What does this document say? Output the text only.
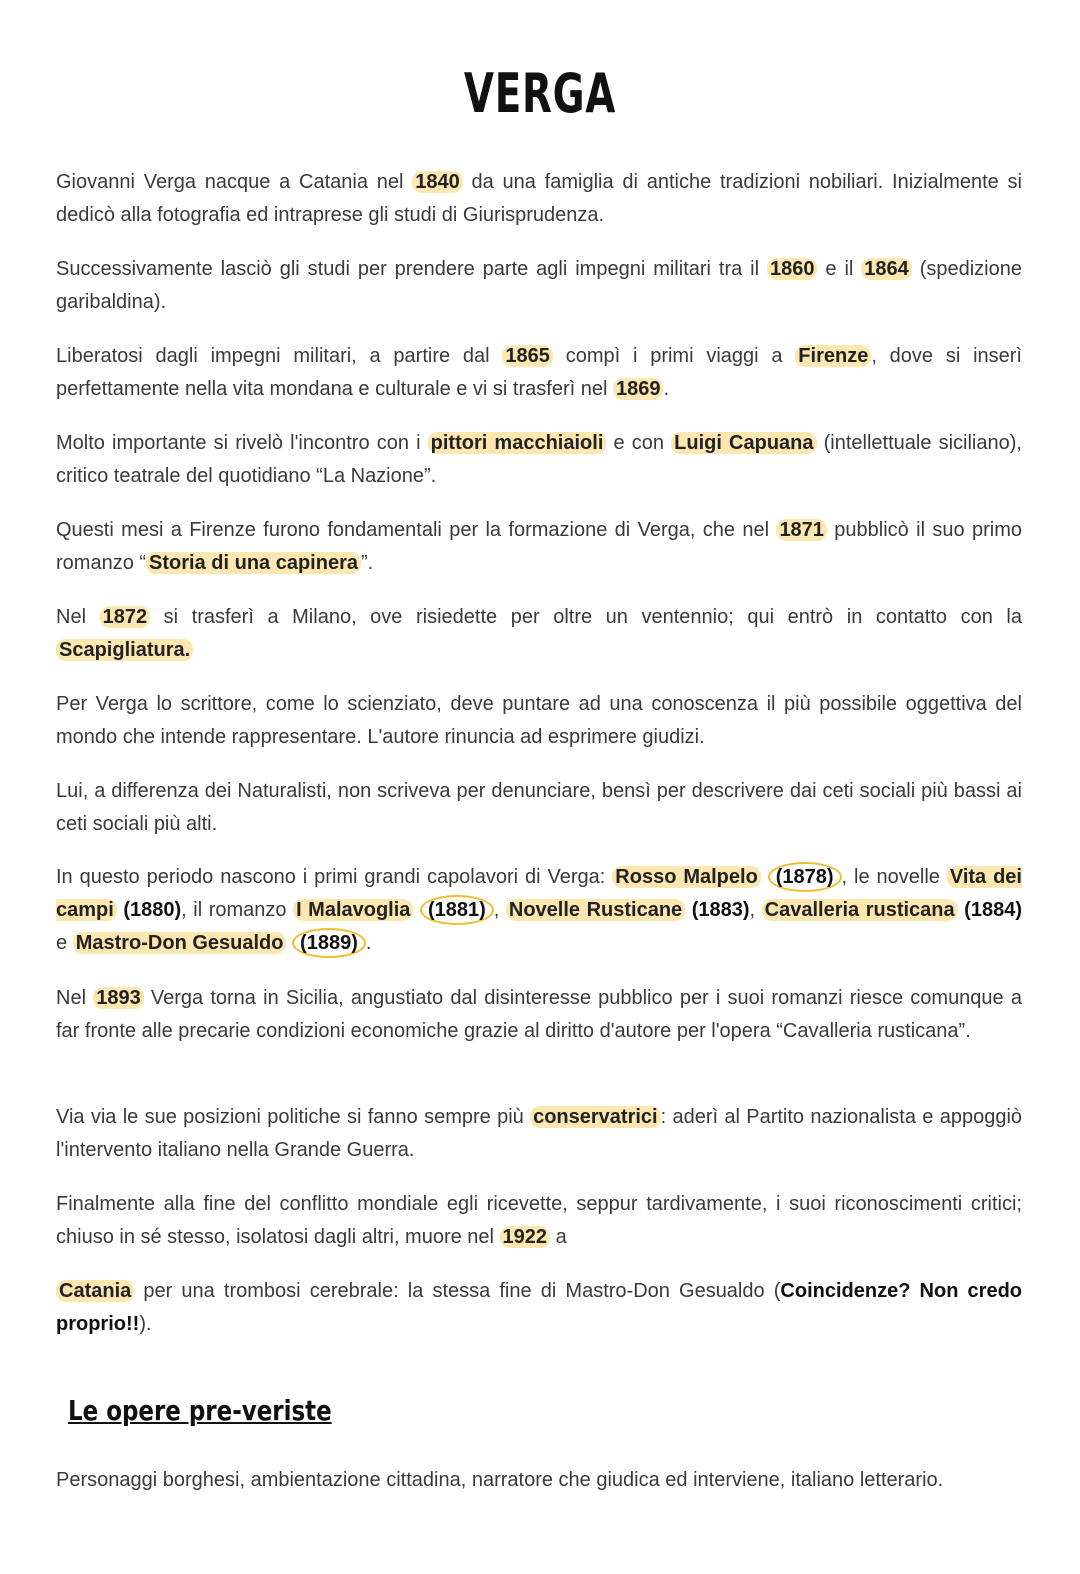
VERGA

Giovanni Verga nacque a Catania nel 1840 da una famiglia di antiche tradizioni nobiliari. Inizialmente si dedicò alla fotografia ed intraprese gli studi di Giurisprudenza.

Successivamente lasciò gli studi per prendere parte agli impegni militari tra il 1860 e il 1864 (spedizione garibaldina).

Liberatosi dagli impegni militari, a partire dal 1865 compì i primi viaggi a Firenze , dove si inserì perfettamente nella vita mondana e culturale e vi si trasferì nel 1869 .

Molto importante si rivelò l'incontro con i pittori macchiaioli e con Luigi Capuana (intellettuale siciliano), critico teatrale del quotidiano “La Nazione”.

Questi mesi a Firenze furono fondamentali per la formazione di Verga, che nel 1871 pubblicò il suo primo romanzo “ Storia di una capinera ”.

Nel 1872 si trasferì a Milano, ove risiedette per oltre un ventennio; qui entrò in contatto con la Scapigliatura.

Per Verga lo scrittore, come lo scienziato, deve puntare ad una conoscenza il più possibile oggettiva del mondo che intende rappresentare. L'autore rinuncia ad esprimere giudizi.

Lui, a differenza dei Naturalisti, non scriveva per denunciare, bensì per descrivere dai ceti sociali più bassi ai ceti sociali più alti.

In questo periodo nascono i primi grandi capolavori di Verga: Rosso Malpelo (1878) , le novelle Vita dei campi (1880), il romanzo I Malavoglia (1881) , Novelle Rusticane (1883), Cavalleria rusticana (1884) e Mastro-Don Gesualdo (1889) .

Nel 1893 Verga torna in Sicilia, angustiato dal disinteresse pubblico per i suoi romanzi riesce comunque a far fronte alle precarie condizioni economiche grazie al diritto d'autore per l'opera “Cavalleria rusticana”.

Via via le sue posizioni politiche si fanno sempre più conservatrici : aderì al Partito nazionalista e appoggiò l'intervento italiano nella Grande Guerra.

Finalmente alla fine del conflitto mondiale egli ricevette, seppur tardivamente, i suoi riconoscimenti critici; chiuso in sé stesso, isolatosi dagli altri, muore nel 1922 a

Catania per una trombosi cerebrale: la stessa fine di Mastro-Don Gesualdo (Coincidenze? Non credo proprio!!).

Le opere pre-veriste

Personaggi borghesi, ambientazione cittadina, narratore che giudica ed interviene, italiano letterario.
